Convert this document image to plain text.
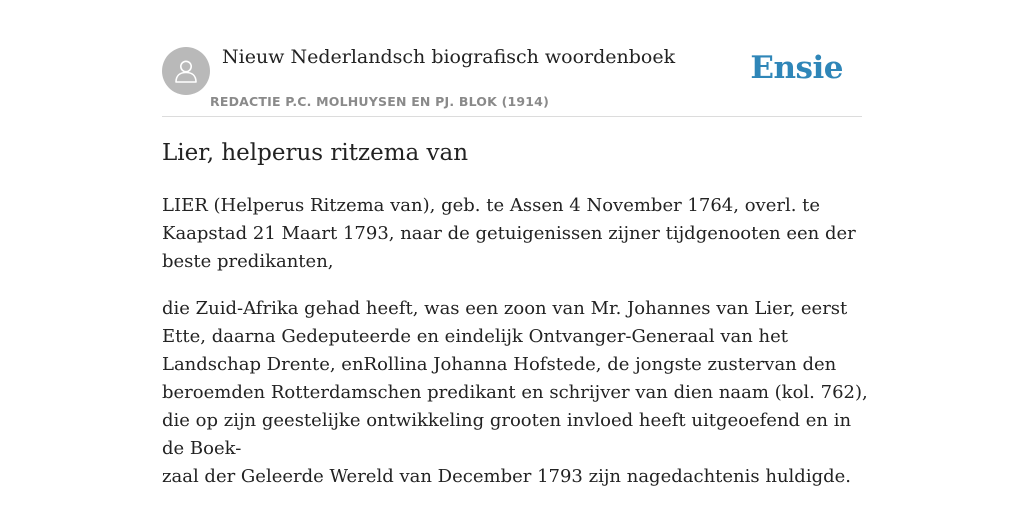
Nieuw Nederlandsch biografisch woordenboek
REDACTIE P.C. MOLHUYSEN EN PJ. BLOK (1914)
Ensie
Lier, helperus ritzema van

LIER (Helperus Ritzema van), geb. te Assen 4 November 1764, overl. te Kaapstad 21 Maart 1793, naar de getuigenissen zijner tijdgenooten een der beste predikanten,

die Zuid-Afrika gehad heeft, was een zoon van Mr. Johannes van Lier, eerst Ette, daarna Gedeputeerde en eindelijk Ontvanger-Generaal van het Landschap Drente, enRollina Johanna Hofstede, de jongste zustervan den beroemden Rotterdamschen predikant en schrijver van dien naam (kol. 762), die op zijn geestelijke ontwikkeling grooten invloed heeft uitgeoefend en in de Boek-

zaal der Geleerde Wereld van December 1793 zijn nagedachtenis huldigde.
